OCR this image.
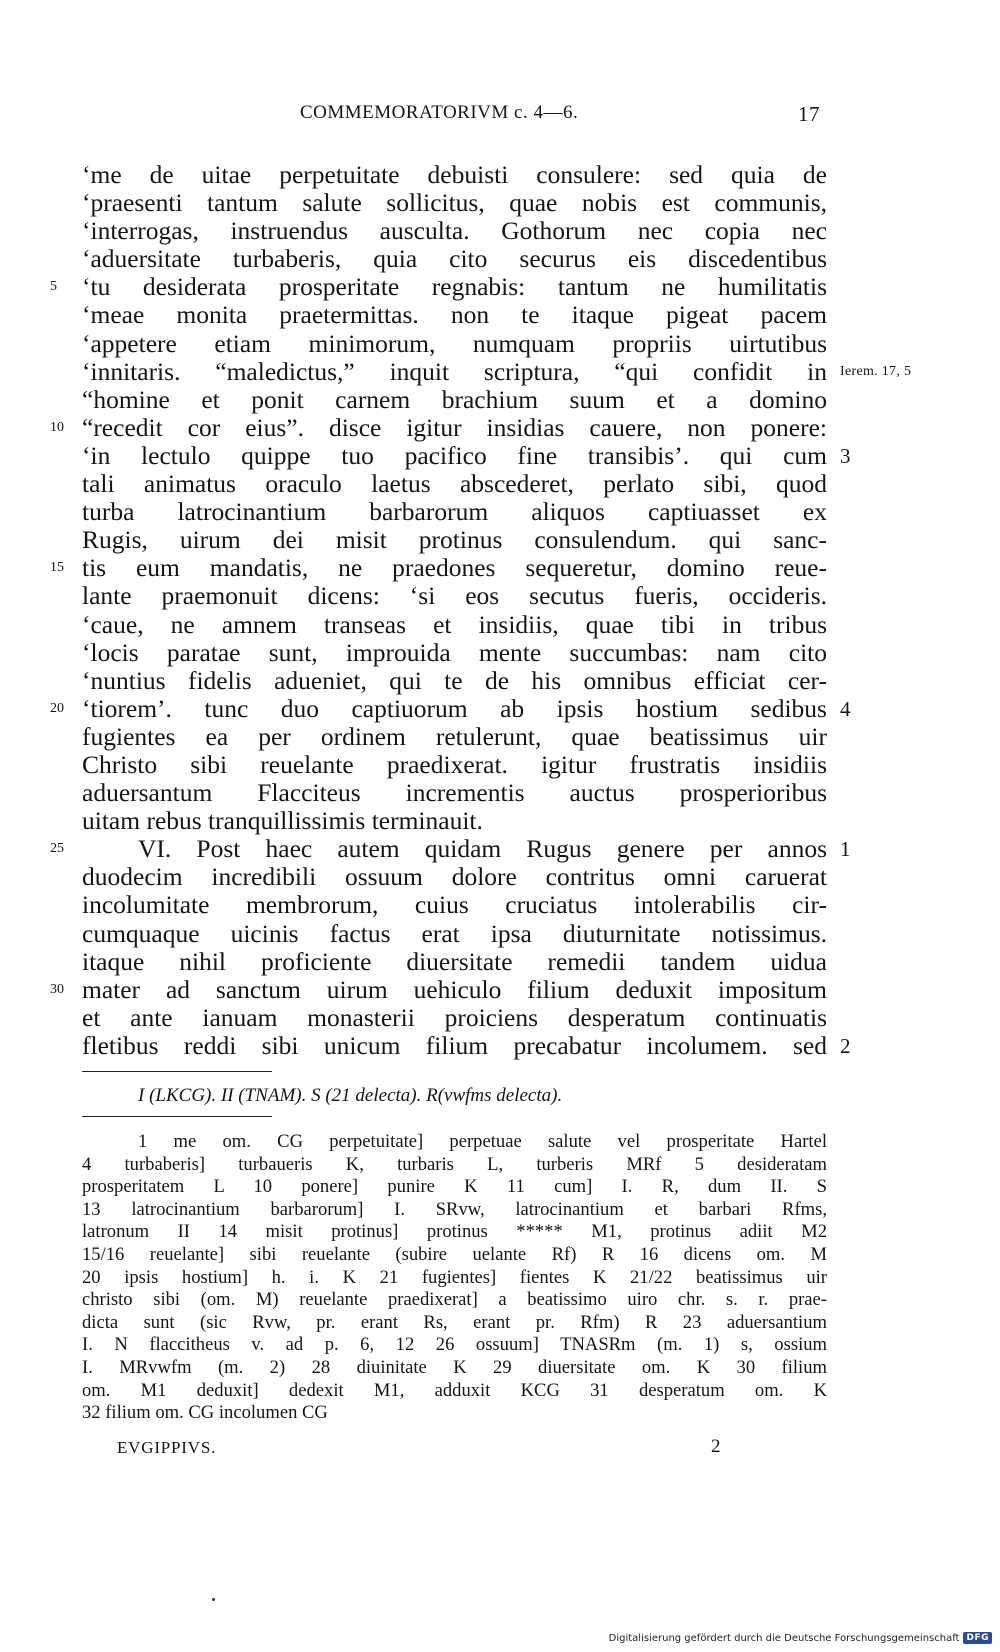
COMMEMORATORIVM c. 4—6.	17
‘me de uitae perpetuitate debuisti consulere: sed quia de
‘praesenti tantum salute sollicitus, quae nobis est communis,
‘interrogas, instruendus ausculta. Gothorum nec copia nec
‘aduersitate turbaberis, quia cito securus eis discedentibus
5 ‘tu desiderata prosperitate regnabis: tantum ne humilitatis
‘meae monita praetermittas. non te itaque pigeat pacem
‘appetere etiam minimorum, numquam propriis uirtutibus
‘innitaris. “maledictus,” inquit scriptura, “qui confidit in Ierem. 17, 5
“homine et ponit carnem brachium suum et a domino
10 “recedit cor eius”. disce igitur insidias cauere, non ponere:
‘in lectulo quippe tuo pacifico fine transibis’. qui cum 3
tali animatus oraculo laetus abscederet, perlato sibi, quod
turba latrocinantium barbarorum aliquos captiuasset ex
Rugis, uirum dei misit protinus consulendum. qui sanc-
15 tis eum mandatis, ne praedones sequeretur, domino reue-
lante praemonuit dicens: ‘si eos secutus fueris, occideris.
‘caue, ne amnem transeas et insidiis, quae tibi in tribus
‘locis paratae sunt, improuida mente succumbas: nam cito
‘nuntius fidelis adueniet, qui te de his omnibus efficiat cer-
20 ‘tiorem’. tunc duo captiuorum ab ipsis hostium sedibus 4
fugientes ea per ordinem retulerunt, quae beatissimus uir
Christo sibi reuelante praedixerat. igitur frustratis insidiis
aduersantum Flacciteus incrementis auctus prosperioribus
uitam rebus tranquillissimis terminauit.
25	VI. Post haec autem quidam Rugus genere per annos 1
duodecim incredibili ossuum dolore contritus omni caruerat
incolumitate membrorum, cuius cruciatus intolerabilis cir-
cumquaque uicinis factus erat ipsa diuturnitate notissimus.
itaque nihil proficiente diuersitate remedii tandem uidua
30 mater ad sanctum uirum uehiculo filium deduxit impositum
et ante ianuam monasterii proiciens desperatum continuatis
fletibus reddi sibi unicum filium precabatur incolumem. sed 2
I (LKCG). II (TNAM). S (21 delecta). R(vwfms delecta).
1 me om. CG perpetuitate] perpetuae salute vel prosperitate Hartel
4 turbaberis] turbaueris K, turbaris L, turberis MRf 5 desideratam
prosperitatem L 10 ponere] punire K 11 cum] I. R, dum II. S
13 latrocinantium barbarorum] I. SRvw, latrocinantium et barbari Rfms,
latronum II 14 misit protinus] protinus ***** M1, protinus adiit M2
15/16 reuelante] sibi reuelante (subire uelante Rf) R 16 dicens om. M
20 ipsis hostium] h. i. K 21 fugientes] fientes K 21/22 beatissimus uir
christo sibi (om. M) reuelante praedixerat] a beatissimo uiro chr. s. r. prae-
dicta sunt (sic Rvw, pr. erant Rs, erant pr. Rfm) R 23 aduersantium
I. N flaccitheus v. ad p. 6, 12 26 ossuum] TNASRm (m. 1) s, ossium
I. MRvwfm (m. 2) 28 diuinitate K 29 diuersitate om. K 30 filium
om. M1 deduxit] dedexit M1, adduxit KCG 31 desperatum om. K
32 filium om. CG incolumen CG
EVGIPPIVS.	2
Digitalisierung gefördert durch die Deutsche Forschungsgemeinschaft DFG
